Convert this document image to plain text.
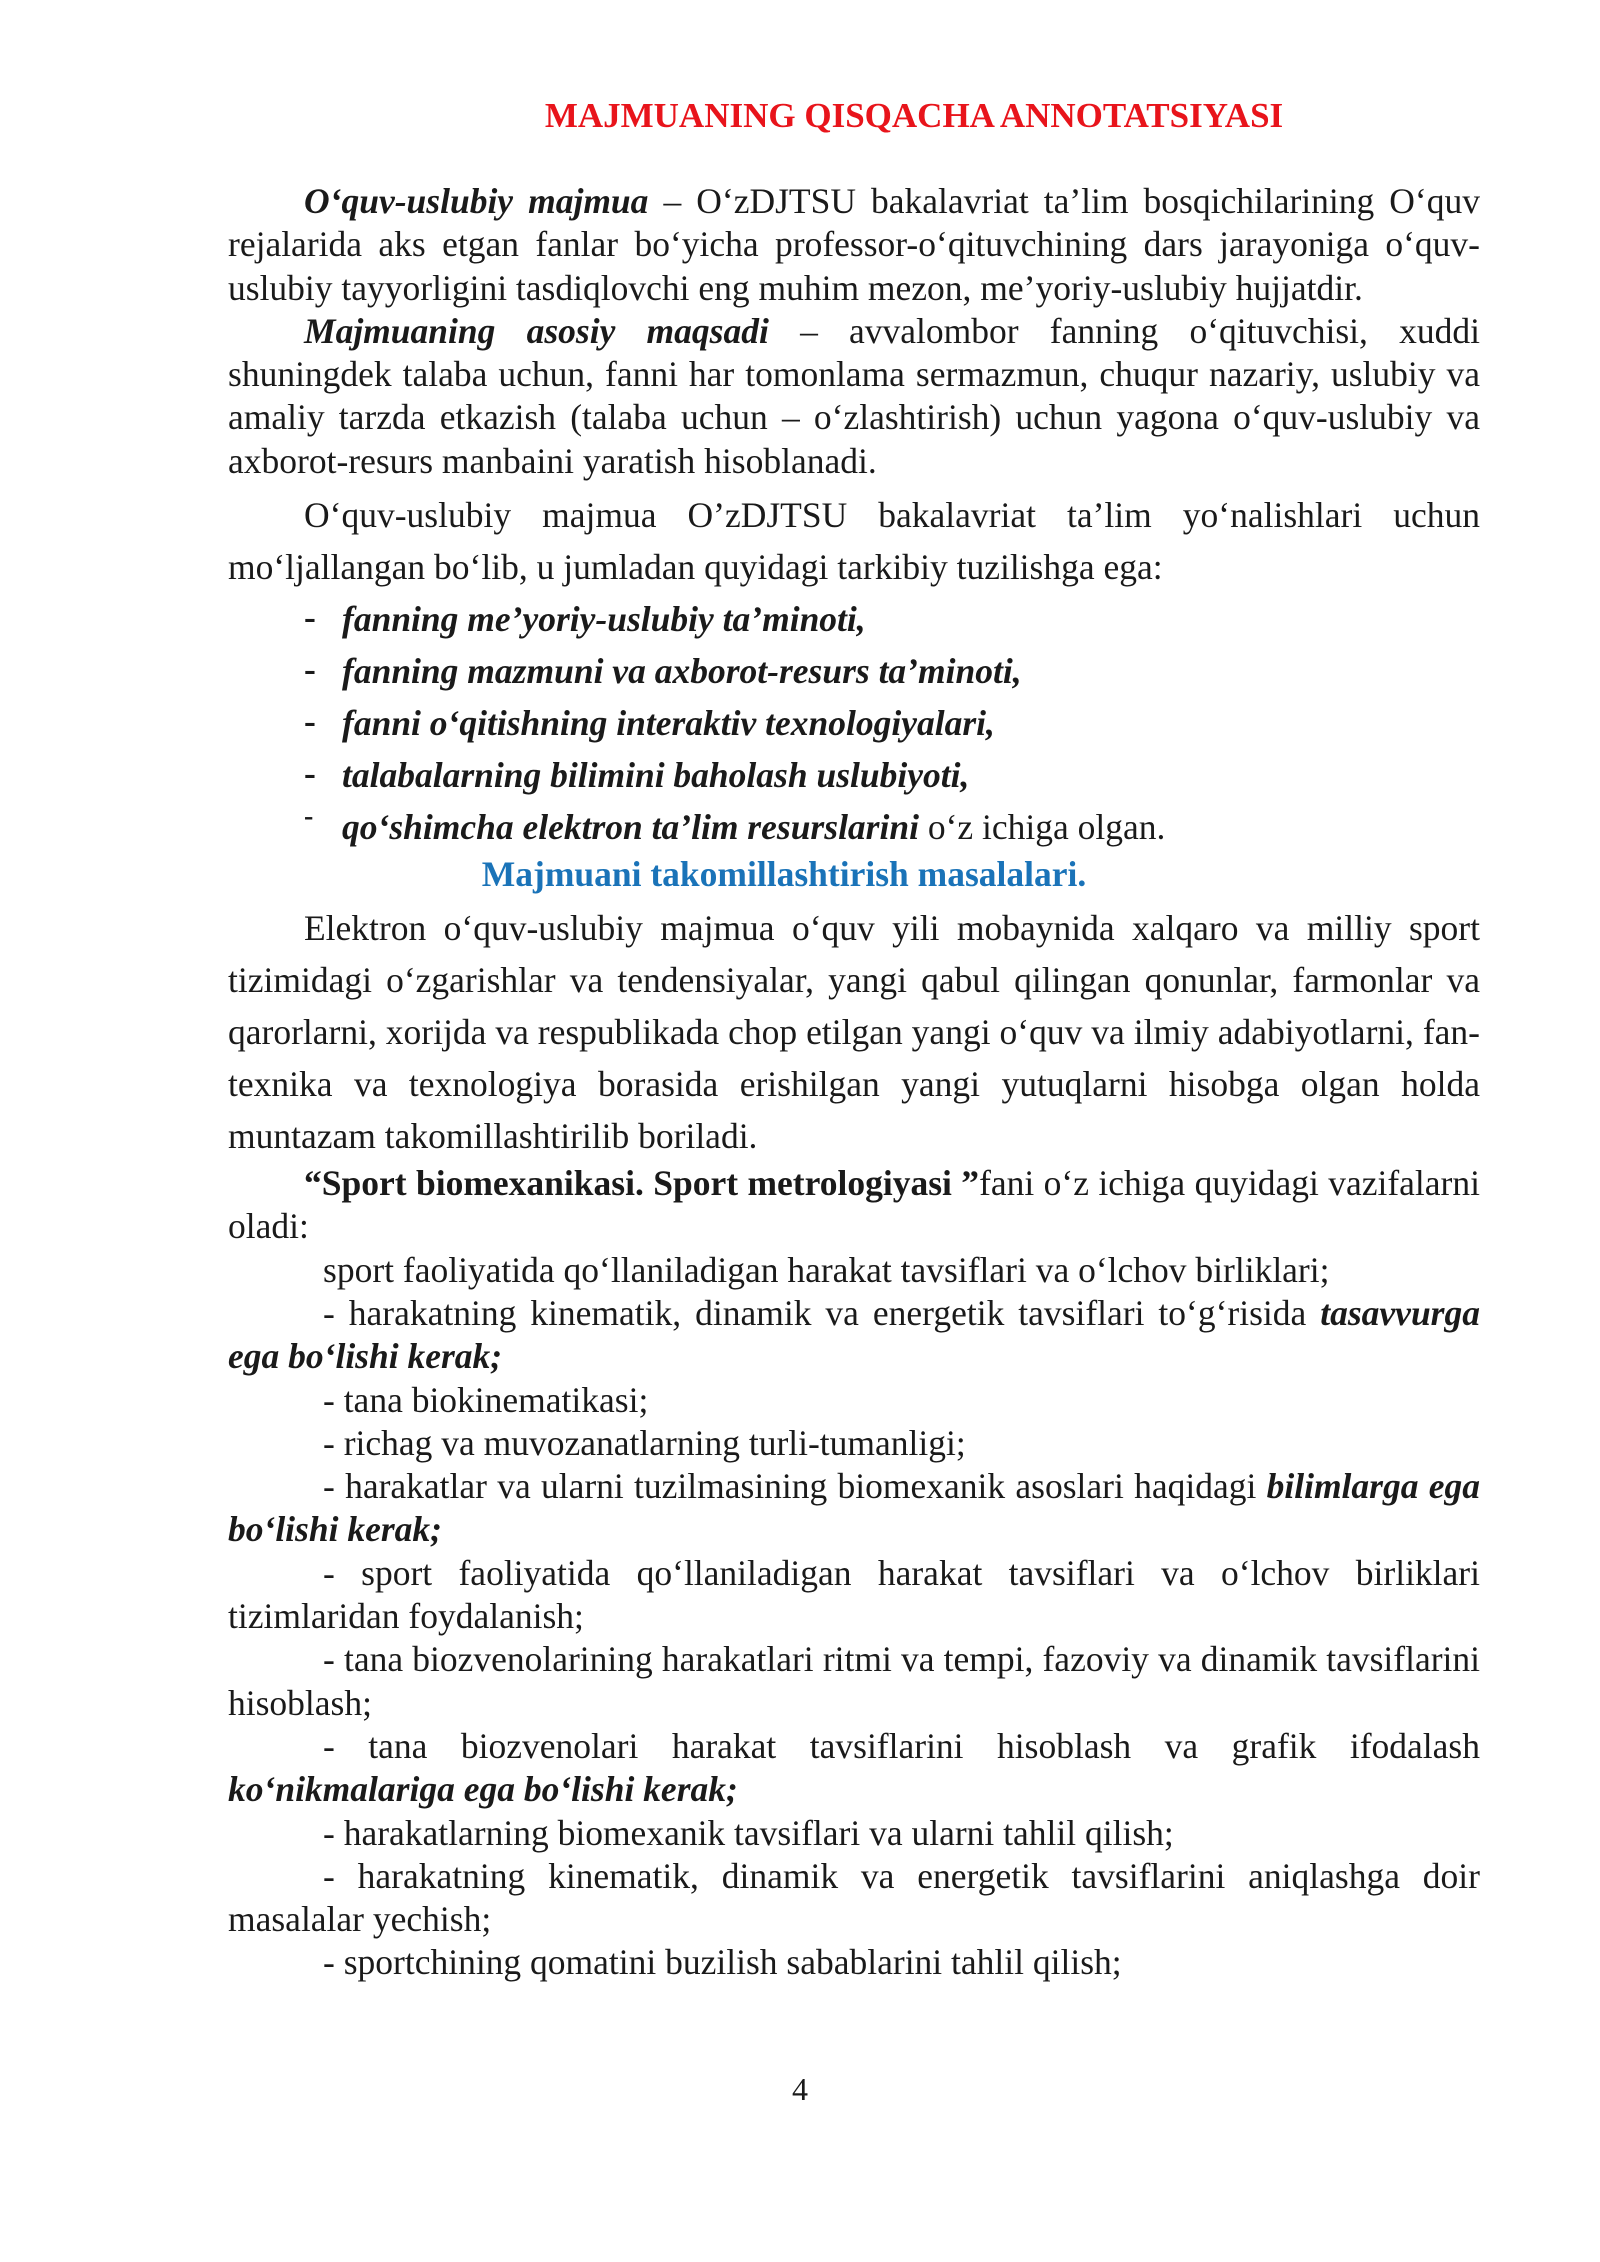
MAJMUANING QISQACHA ANNOTATSIYASI

O‘quv-uslubiy majmua – O‘zDJTSU bakalavriat ta’lim bosqichilarining O‘quv rejalarida aks etgan fanlar bo‘yicha professor-o‘qituvchining dars jarayoniga o‘quv-uslubiy tayyorligini tasdiqlovchi eng muhim mezon, me’yoriy-uslubiy hujjatdir.

Majmuaning asosiy maqsadi – avvalombor fanning o‘qituvchisi, xuddi shuningdek talaba uchun, fanni har tomonlama sermazmun, chuqur nazariy, uslubiy va amaliy tarzda etkazish (talaba uchun – o‘zlashtirish) uchun yagona o‘quv-uslubiy va axborot-resurs manbaini yaratish hisoblanadi.

O‘quv-uslubiy majmua O’zDJTSU bakalavriat ta’lim yo‘nalishlari uchun mo‘ljallangan bo‘lib, u jumladan quyidagi tarkibiy tuzilishga ega:

- fanning me’yoriy-uslubiy ta’minoti,
- fanning mazmuni va axborot-resurs ta’minoti,
- fanni o‘qitishning interaktiv texnologiyalari,
- talabalarning bilimini baholash uslubiyoti,
- qo‘shimcha elektron ta’lim resurslarini o‘z ichiga olgan.

Majmuani takomillashtirish masalalari.

Elektron o‘quv-uslubiy majmua o‘quv yili mobaynida xalqaro va milliy sport tizimidagi o‘zgarishlar va tendensiyalar, yangi qabul qilingan qonunlar, farmonlar va qarorlarni, xorijda va respublikada chop etilgan yangi o‘quv va ilmiy adabiyotlarni, fan-texnika va texnologiya borasida erishilgan yangi yutuqlarni hisobga olgan holda muntazam takomillashtirilib boriladi.

“Sport biomexanikasi. Sport metrologiyasi ”fani o‘z ichiga quyidagi vazifalarni oladi:

sport faoliyatida qo‘llaniladigan harakat tavsiflari va o‘lchov birliklari;

- harakatning kinematik, dinamik va energetik tavsiflari to‘g‘risida tasavvurga ega bo‘lishi kerak;

- tana biokinematikasi;

- richag va muvozanatlarning turli-tumanligi;

- harakatlar va ularni tuzilmasining biomexanik asoslari haqidagi bilimlarga ega bo‘lishi kerak;

- sport faoliyatida qo‘llaniladigan harakat tavsiflari va o‘lchov birliklari tizimlaridan foydalanish;

- tana biozvenolarining harakatlari ritmi va tempi, fazoviy va dinamik tavsiflarini hisoblash;

- tana biozvenolari harakat tavsiflarini hisoblash va grafik ifodalash ko‘nikmalariga ega bo‘lishi kerak;

- harakatlarning biomexanik tavsiflari va ularni tahlil qilish;

- harakatning kinematik, dinamik va energetik tavsiflarini aniqlashga doir masalalar yechish;

- sportchining qomatini buzilish sabablarini tahlil qilish;

4
